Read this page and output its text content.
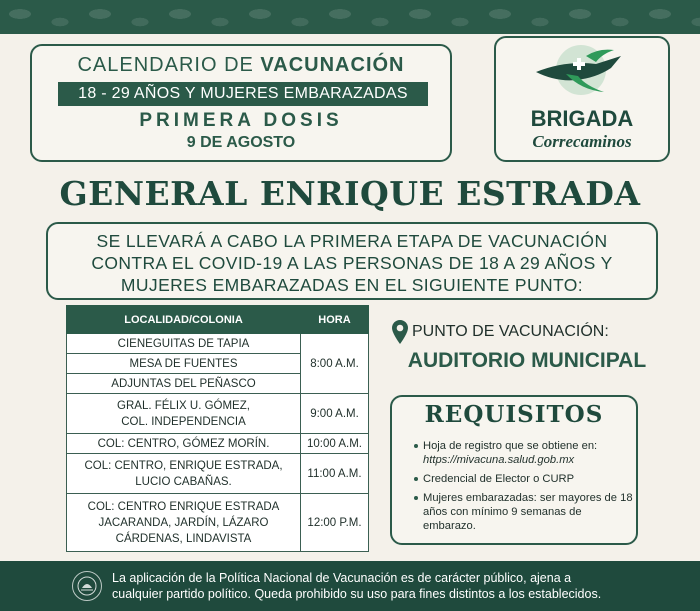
CALENDARIO DE VACUNACIÓN
18 - 29 AÑOS Y MUJERES EMBARAZADAS
PRIMERA DOSIS
9 DE AGOSTO
BRIGADA
Correcaminos
GENERAL ENRIQUE ESTRADA
SE LLEVARÁ A CABO LA PRIMERA ETAPA DE VACUNACIÓN
CONTRA EL COVID-19 A LAS PERSONAS DE 18 A 29 AÑOS Y
MUJERES EMBARAZADAS EN EL SIGUIENTE PUNTO:
LOCALIDAD/COLONIA	HORA
CIENEGUITAS DE TAPIA	8:00 A.M.
MESA DE FUENTES	
ADJUNTAS DEL PEÑASCO	

GRAL. FÉLIX U. GÓMEZ,
COL. INDEPENDENCIA	9:00 A.M.
COL: CENTRO, GÓMEZ MORÍN.	10:00 A.M.

COL: CENTRO, ENRIQUE ESTRADA,
LUCIO CABAÑAS.	11:00 A.M.

COL: CENTRO ENRIQUE ESTRADA
JACARANDA, JARDÍN, LÁZARO
CÁRDENAS, LINDAVISTA	12:00 P.M.
PUNTO DE VACUNACIÓN:
AUDITORIO MUNICIPAL
REQUISITOS
Hoja de registro que se obtiene en: https://mivacuna.salud.gob.mx
Credencial de Elector o CURP
Mujeres embarazadas: ser mayores de 18 años con mínimo 9 semanas de embarazo.
La aplicación de la Política Nacional de Vacunación es de carácter público, ajena a
cualquier partido político. Queda prohibido su uso para fines distintos a los establecidos.
